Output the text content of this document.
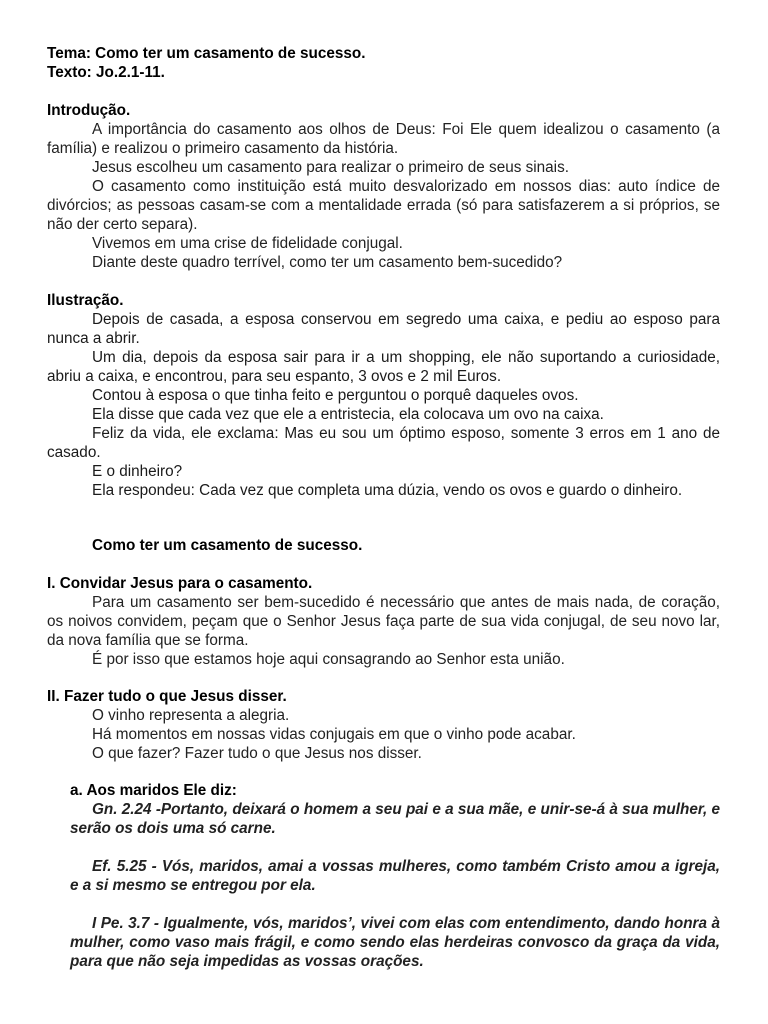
Tema: Como ter um casamento de sucesso.

Texto: Jo.2.1-11.

Introdução.

A importância do casamento aos olhos de Deus: Foi Ele quem idealizou o casamento (a família) e realizou o primeiro casamento da história.

Jesus escolheu um casamento para realizar o primeiro de seus sinais.

O casamento como instituição está muito desvalorizado em nossos dias: auto índice de divórcios; as pessoas casam-se com a mentalidade errada (só para satisfazerem a si próprios, se não der certo separa).

Vivemos em uma crise de fidelidade conjugal.

Diante deste quadro terrível, como ter um casamento bem-sucedido?

Ilustração.

Depois de casada, a esposa conservou em segredo uma caixa, e pediu ao esposo para nunca a abrir.

Um dia, depois da esposa sair para ir a um shopping, ele não suportando a curiosidade, abriu a caixa, e encontrou, para seu espanto, 3 ovos e 2 mil Euros.

Contou à esposa o que tinha feito e perguntou o porquê daqueles ovos.

Ela disse que cada vez que ele a entristecia, ela colocava um ovo na caixa.

Feliz da vida, ele exclama: Mas eu sou um óptimo esposo, somente 3 erros em 1 ano de casado.

E o dinheiro?

Ela respondeu: Cada vez que completa uma dúzia, vendo os ovos e guardo o dinheiro.

Como ter um casamento de sucesso.

I. Convidar Jesus para o casamento.

Para um casamento ser bem-sucedido é necessário que antes de mais nada, de coração, os noivos convidem, peçam que o Senhor Jesus faça parte de sua vida conjugal, de seu novo lar, da nova família que se forma.

É por isso que estamos hoje aqui consagrando ao Senhor esta união.

II. Fazer tudo o que Jesus disser.

O vinho representa a alegria.

Há momentos em nossas vidas conjugais em que o vinho pode acabar.

O que fazer? Fazer tudo o que Jesus nos disser.

a. Aos maridos Ele diz:

Gn. 2.24 -Portanto, deixará o homem a seu pai e a sua mãe, e unir-se-á à sua mulher, e serão os dois uma só carne.

Ef. 5.25 - Vós, maridos, amai a vossas mulheres, como também Cristo amou a igreja, e a si mesmo se entregou por ela.

I Pe. 3.7 - Igualmente, vós, maridos’, vivei com elas com entendimento, dando honra à mulher, como vaso mais frágil, e como sendo elas herdeiras convosco da graça da vida, para que não seja impedidas as vossas orações.
